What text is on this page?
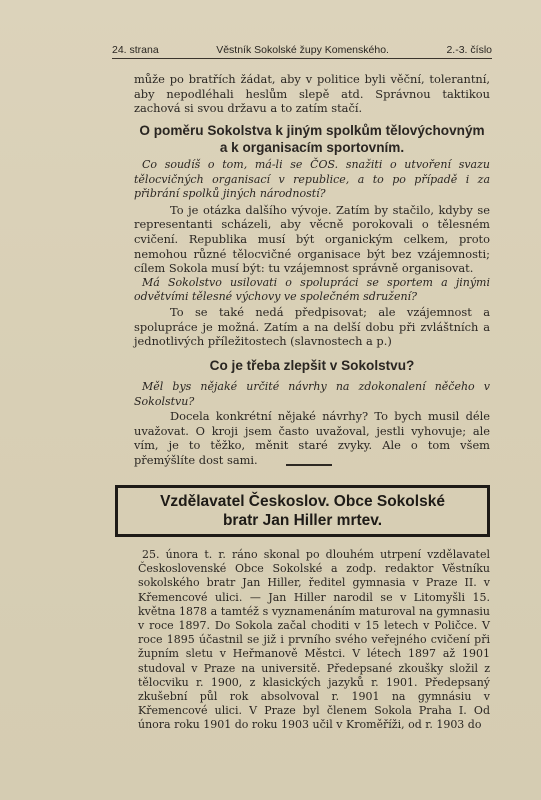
24. strana	Věstník Sokolské župy Komenského.	2.-3. číslo

může po bratřích žádat, aby v politice byli věční, tolerantní, aby nepodléhali heslům slepě atd. Správnou taktikou zachová si svou državu a to zatím stačí.

O poměru Sokolstva k jiným spolkům tělovýchovným

a k organisacím sportovním.

Co soudíš o tom, má-li se ČOS. snažiti o utvoření svazu tělocvičných organisací v republice, a to po případě i za přibrání spolků jiných národností?

To je otázka dalšího vývoje. Zatím by stačilo, kdyby se representanti scházeli, aby věcně porokovali o tělesném cvičení. Republika musí být organickým celkem, proto nemohou různé tělocvičné organisace být bez vzájemnosti; cílem Sokola musí být: tu vzájemnost správně organisovat.

Má Sokolstvo usilovati o spolupráci se sportem a jinými odvětvími tělesné výchovy ve společném sdružení?

To se také nedá předpisovat; ale vzájemnost a spolupráce je možná. Zatím a na delší dobu při zvláštních a jednotlivých příležitostech (slavnostech a p.)

Co je třeba zlepšit v Sokolstvu?

Měl bys nějaké určité návrhy na zdokonalení něčeho v Sokolstvu?

Docela konkrétní nějaké návrhy? To bych musil déle uvažovat. O kroji jsem často uvažoval, jestli vyhovuje; ale vím, je to těžko, měnit staré zvyky. Ale o tom všem přemýšlíte dost sami.

Vzdělavatel Českoslov. Obce Sokolské
bratr Jan Hiller mrtev.

25. února t. r. ráno skonal po dlouhém utrpení vzdělavatel Československé Obce Sokolské a zodp. redaktor Věstníku sokolského bratr Jan Hiller, ředitel gymnasia v Praze II. v Křemencové ulici. — Jan Hiller narodil se v Litomyšli 15. května 1878 a tamtéž s vyznamenáním maturoval na gymnasiu v roce 1897. Do Sokola začal choditi v 15 letech v Poličce. V roce 1895 účastnil se již i prvního svého veřejného cvičení při župním sletu v Heřmanově Městci. V létech 1897 až 1901 studoval v Praze na universitě. Předepsané zkoušky složil z tělocviku r. 1900, z klasických jazyků r. 1901. Předepsaný zkušební půl rok absolvoval r. 1901 na gymnásiu v Křemencové ulici. V Praze byl členem Sokola Praha I. Od února roku 1901 do roku 1903 učil v Kroměříži, od r. 1903 do
